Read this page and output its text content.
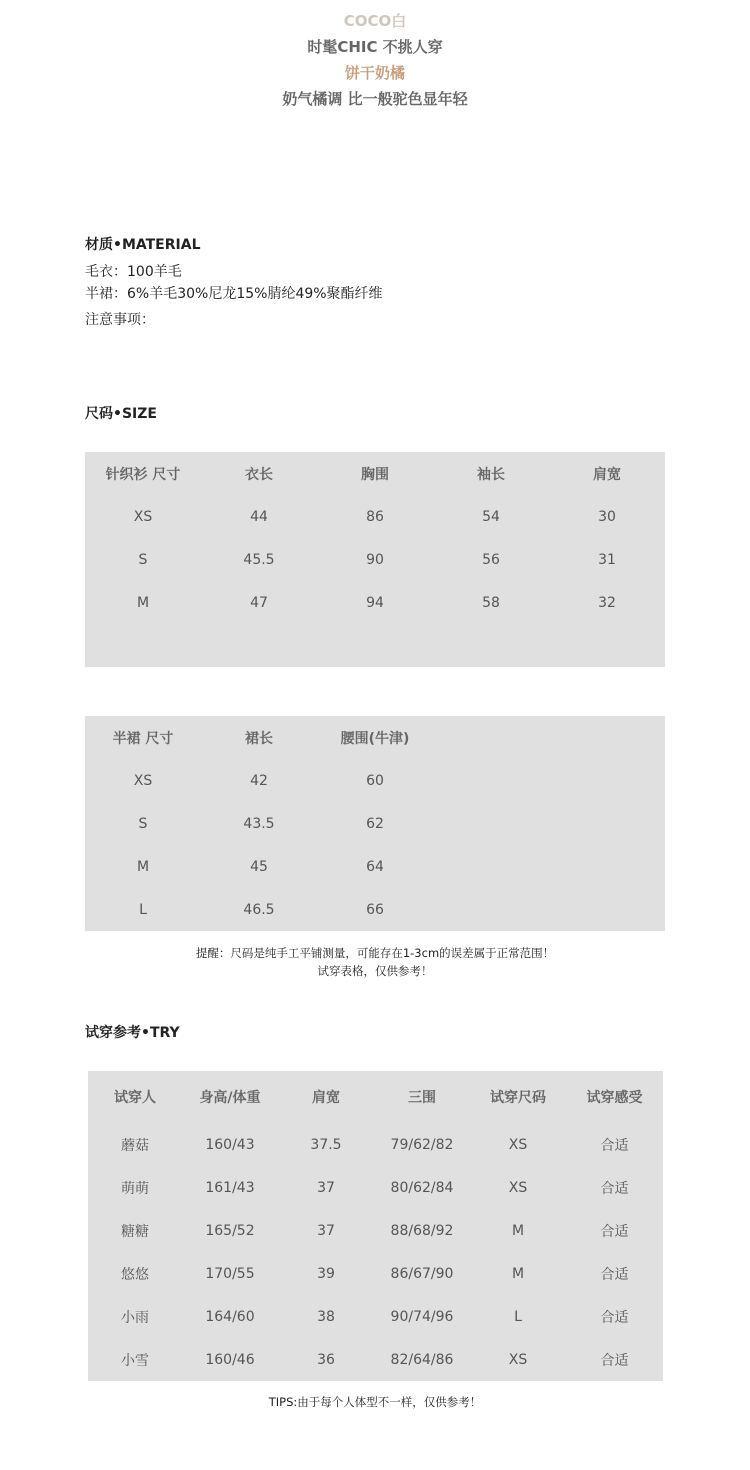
COCO白
时髦CHIC 不挑人穿
饼干奶橘
奶气橘调 比一般驼色显年轻
材质•MATERIAL
毛衣：100羊毛
半裙：6%羊毛30%尼龙15%腈纶49%聚酯纤维
注意事项：
尺码•SIZE
针织衫 尺寸	衣长	胸围	袖长	肩宽
XS	44	86	54	30
S	45.5	90	56	31
M	47	94	58	32
半裙 尺寸	裙长	腰围(牛津)	
XS	42	60	
S	43.5	62	
M	45	64	
L	46.5	66	
提醒：尺码是纯手工平铺测量，可能存在1-3cm的误差属于正常范围！
试穿表格，仅供参考！
试穿参考•TRY
试穿人	身高/体重	肩宽	三围	试穿尺码	试穿感受
蘑菇	160/43	37.5	79/62/82	XS	合适
萌萌	161/43	37	80/62/84	XS	合适
糖糖	165/52	37	88/68/92	M	合适
悠悠	170/55	39	86/67/90	M	合适
小雨	164/60	38	90/74/96	L	合适
小雪	160/46	36	82/64/86	XS	合适
TIPS:由于每个人体型不一样，仅供参考！
